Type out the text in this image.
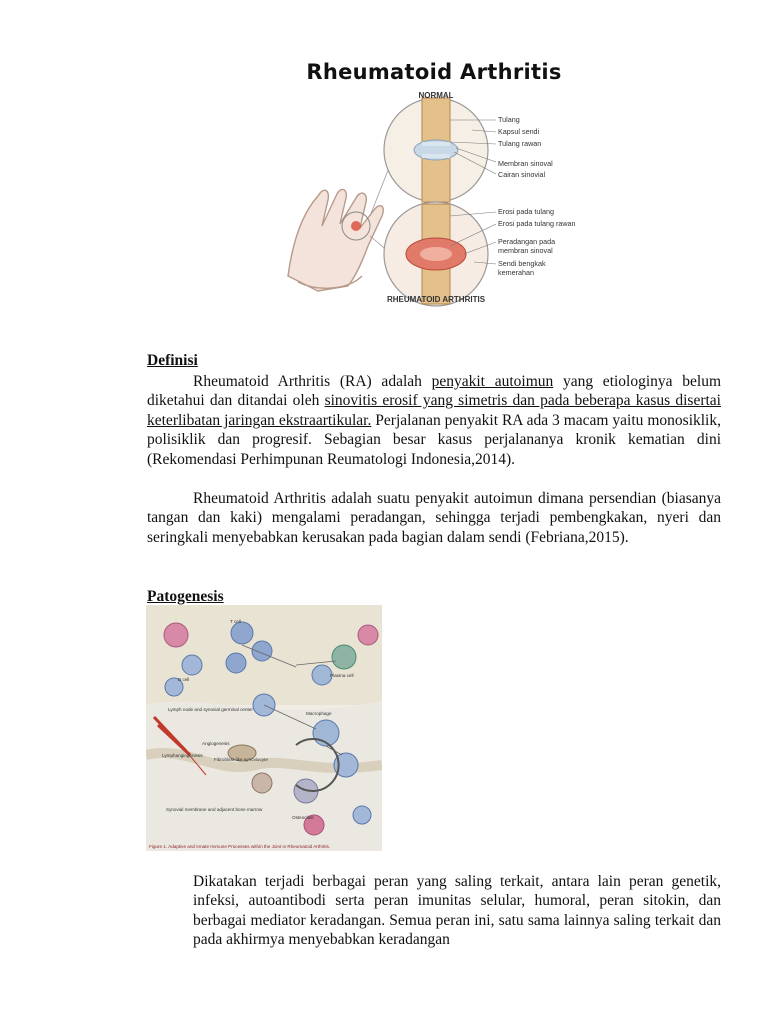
Rheumatoid Arthritis
NORMAL
RHEUMATOID ARTHRITIS
Tulang
Kapsul sendi
Tulang rawan
Membran sinoval
Cairan sinovial
Erosi pada tulang
Erosi pada tulang rawan
Peradangan pada
membran sinoval
Sendi bengkak
kemerahan
Definisi

Rheumatoid Arthritis (RA) adalah penyakit autoimun yang etiologinya belum diketahui dan ditandai oleh sinovitis erosif yang simetris dan pada beberapa kasus disertai keterlibatan jaringan ekstraartikular. Perjalanan penyakit RA ada 3 macam yaitu monosiklik, polisiklik dan progresif. Sebagian besar kasus perjalananya kronik kematian dini (Rekomendasi Perhimpunan Reumatologi Indonesia,2014).

Rheumatoid Arthritis adalah suatu penyakit autoimun dimana persendian (biasanya tangan dan kaki) mengalami peradangan, sehingga terjadi pembengkakan, nyeri dan seringkali menyebabkan kerusakan pada bagian dalam sendi (Febriana,2015).

Patogenesis
Angiogenesis
Lymphangiogenesis
Synovial membrane and adjacent bone marrow
Lymph node and synovial germinal center
Fibroblast-like synoviocyte
Osteoclast
Macrophage
T cell
B cell
Plasma cell
Figure 1. Adaptive and Innate Immune Processes within the Joint in Rheumatoid Arthritis.

Dikatakan terjadi berbagai peran yang saling terkait, antara lain peran genetik, infeksi, autoantibodi serta peran imunitas selular, humoral, peran sitokin, dan berbagai mediator keradangan. Semua peran ini, satu sama lainnya saling terkait dan pada akhirmya menyebabkan keradangan
